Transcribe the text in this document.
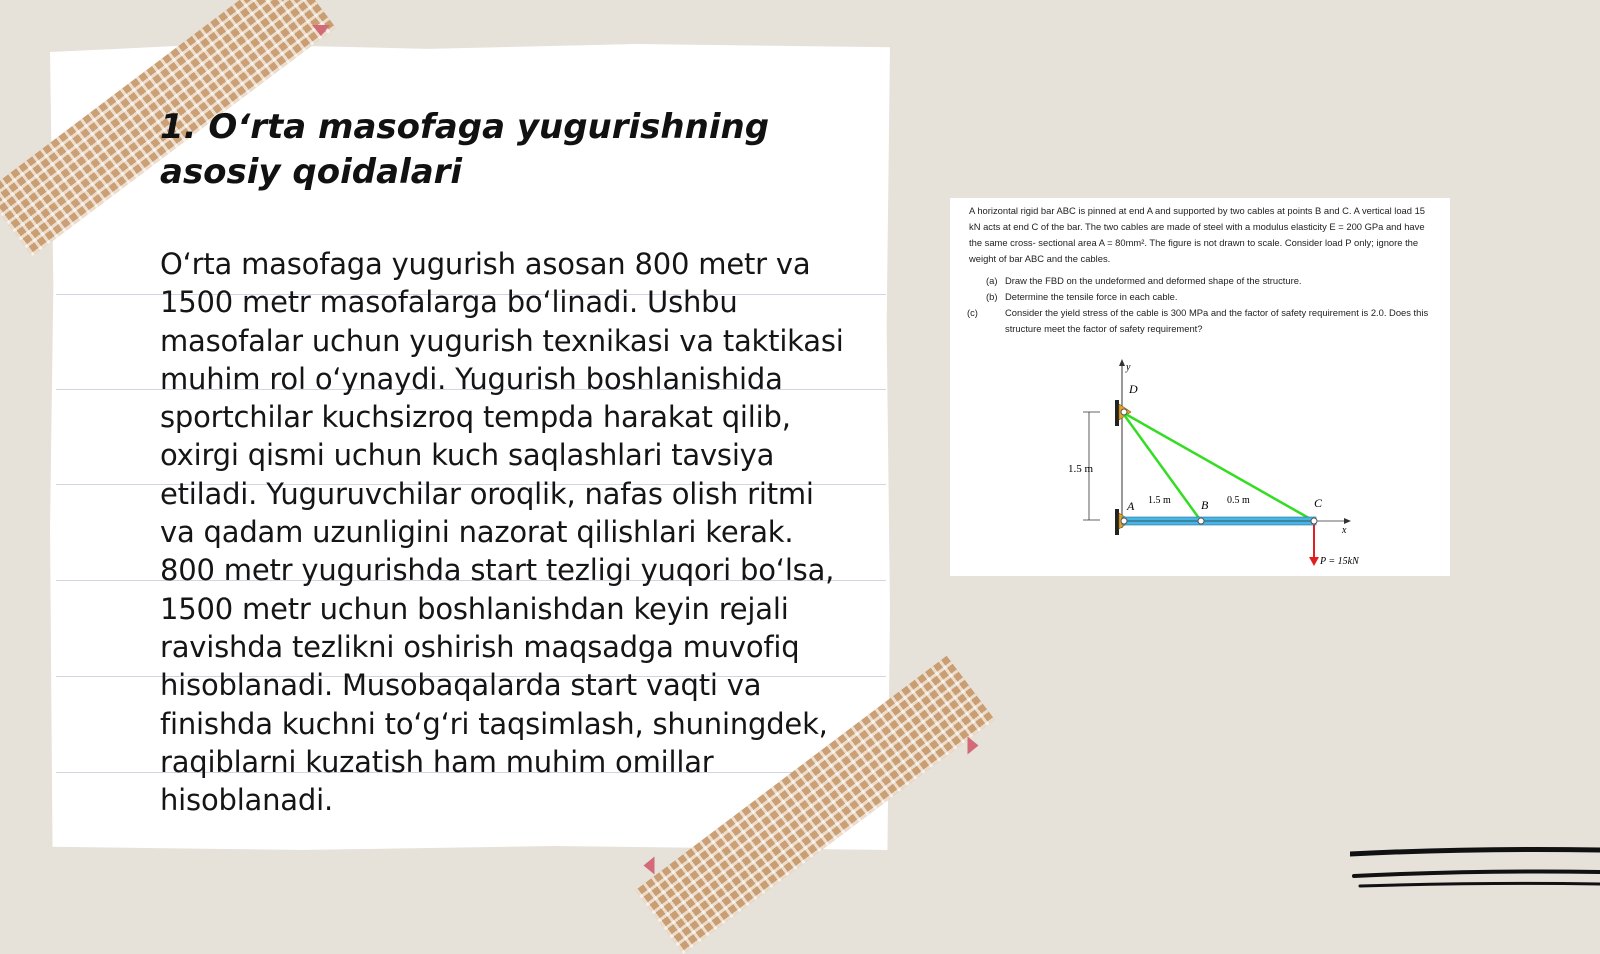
1. O‘rta masofaga yugurishning asosiy qoidalari

O‘rta masofaga yugurish asosan 800 metr va 1500 metr masofalarga bo‘linadi. Ushbu masofalar uchun yugurish texnikasi va taktikasi muhim rol o‘ynaydi. Yugurish boshlanishida sportchilar kuchsizroq tempda harakat qilib, oxirgi qismi uchun kuch saqlashlari tavsiya etiladi. Yuguruvchilar oroqlik, nafas olish ritmi va qadam uzunligini nazorat qilishlari kerak. 800 metr yugurishda start tezligi yuqori bo‘lsa, 1500 metr uchun boshlanishdan keyin rejali ravishda tezlikni oshirish maqsadga muvofiq hisoblanadi. Musobaqalarda start vaqti va finishda kuchni to‘g‘ri taqsimlash, shuningdek, raqiblarni kuzatish ham muhim omillar hisoblanadi.

A horizontal rigid bar ABC is pinned at end A and supported by two cables at points B and C. A vertical load 15 kN acts at end C of the bar. The two cables are made of steel with a modulus elasticity E = 200 GPa and have the same cross- sectional area A = 80mm². The figure is not drawn to scale. Consider load P only; ignore the weight of bar ABC and the cables.

(a) Draw the FBD on the undeformed and deformed shape of the structure.
(b) Determine the tensile force in each cable.
(c)	Consider the yield stress of the cable is 300 MPa and the factor of safety requirement is 2.0. Does this structure meet the factor of safety requirement?
y
1.5 m
x
D
A	B	C
1.5 m	0.5 m
P = 15kN
